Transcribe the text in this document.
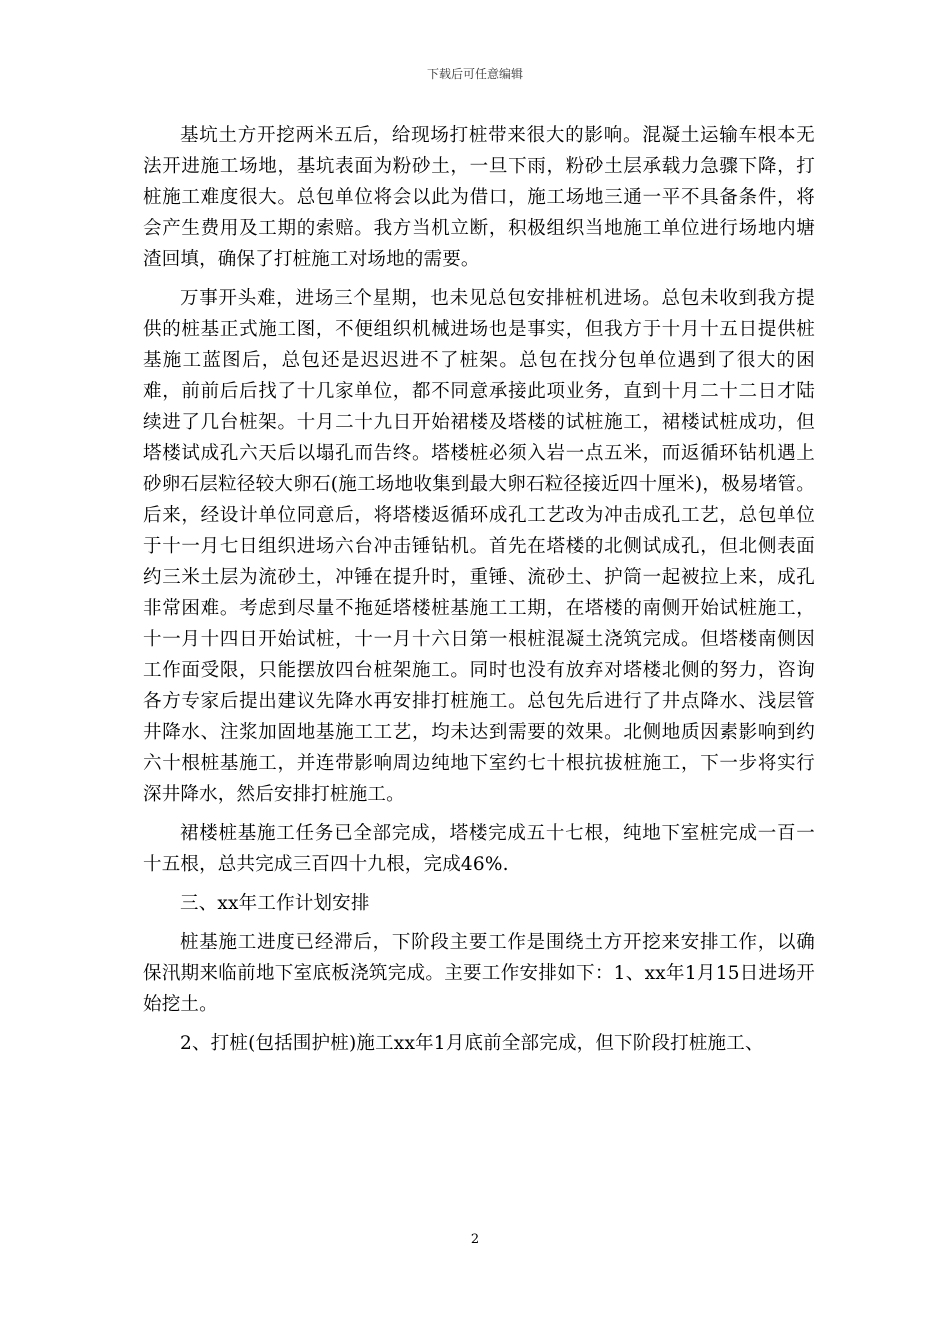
下载后可任意编辑

基坑土方开挖两米五后，给现场打桩带来很大的影响。混凝土运输车根本无法开进施工场地，基坑表面为粉砂土，一旦下雨，粉砂土层承载力急骤下降，打桩施工难度很大。总包单位将会以此为借口，施工场地三通一平不具备条件，将会产生费用及工期的索赔。我方当机立断，积极组织当地施工单位进行场地内塘渣回填，确保了打桩施工对场地的需要。

万事开头难，进场三个星期，也未见总包安排桩机进场。总包未收到我方提供的桩基正式施工图，不便组织机械进场也是事实，但我方于十月十五日提供桩基施工蓝图后，总包还是迟迟进不了桩架。总包在找分包单位遇到了很大的困难，前前后后找了十几家单位，都不同意承接此项业务，直到十月二十二日才陆续进了几台桩架。十月二十九日开始裙楼及塔楼的试桩施工，裙楼试桩成功，但塔楼试成孔六天后以塌孔而告终。塔楼桩必须入岩一点五米，而返循环钻机遇上砂卵石层粒径较大卵石(施工场地收集到最大卵石粒径接近四十厘米)，极易堵管。后来，经设计单位同意后，将塔楼返循环成孔工艺改为冲击成孔工艺，总包单位于十一月七日组织进场六台冲击锤钻机。首先在塔楼的北侧试成孔，但北侧表面约三米土层为流砂土，冲锤在提升时，重锤、流砂土、护筒一起被拉上来，成孔非常困难。考虑到尽量不拖延塔楼桩基施工工期，在塔楼的南侧开始试桩施工，十一月十四日开始试桩，十一月十六日第一根桩混凝土浇筑完成。但塔楼南侧因工作面受限，只能摆放四台桩架施工。同时也没有放弃对塔楼北侧的努力，咨询各方专家后提出建议先降水再安排打桩施工。总包先后进行了井点降水、浅层管井降水、注浆加固地基施工工艺，均未达到需要的效果。北侧地质因素影响到约六十根桩基施工，并连带影响周边纯地下室约七十根抗拔桩施工，下一步将实行深井降水，然后安排打桩施工。

裙楼桩基施工任务已全部完成，塔楼完成五十七根，纯地下室桩完成一百一十五根，总共完成三百四十九根，完成46%.

三、xx年工作计划安排

桩基施工进度已经滞后，下阶段主要工作是围绕土方开挖来安排工作，以确保汛期来临前地下室底板浇筑完成。主要工作安排如下：1、xx年1月15日进场开始挖土。

2、打桩(包括围护桩)施工xx年1月底前全部完成，但下阶段打桩施工、

2
